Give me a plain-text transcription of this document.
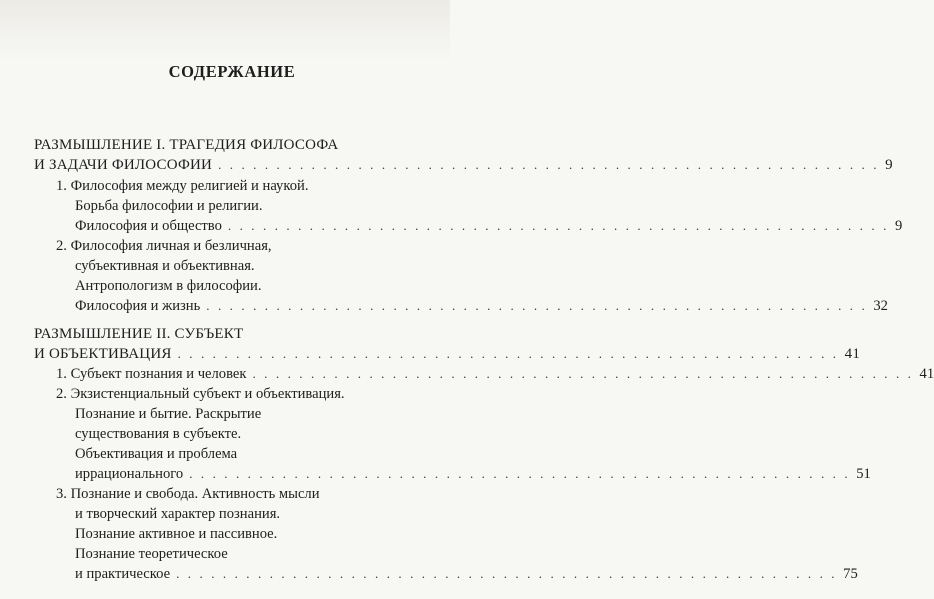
СОДЕРЖАНИЕ
РАЗМЫШЛЕНИЕ I. ТРАГЕДИЯ ФИЛОСОФА
И ЗАДАЧИ ФИЛОСОФИИ . . . . . . . . . . . . . . . . . . . . . . . . . . . . . . . . . . . . . . . . . . . . . . . . . . . . . . . . . 9
1. Философия между религией и наукой.
Борьба философии и религии.
Философия и общество . . . . . . . . . . . . . . . . . . . . . . . . . . . . . . . . . . . . . . . . . . . . . . . . . . . . . . . . . 9
2. Философия личная и безличная,
субъективная и объективная.
Антропологизм в философии.
Философия и жизнь . . . . . . . . . . . . . . . . . . . . . . . . . . . . . . . . . . . . . . . . . . . . . . . . . . . . . . . . . 32
РАЗМЫШЛЕНИЕ II. СУБЪЕКТ
И ОБЪЕКТИВАЦИЯ . . . . . . . . . . . . . . . . . . . . . . . . . . . . . . . . . . . . . . . . . . . . . . . . . . . . . . . . . 41
1. Субъект познания и человек . . . . . . . . . . . . . . . . . . . . . . . . . . . . . . . . . . . . . . . . . . . . . . . . . . . . . . . . . 41
2. Экзистенциальный субъект и объективация.
Познание и бытие. Раскрытие
существования в субъекте.
Объективация и проблема
иррационального . . . . . . . . . . . . . . . . . . . . . . . . . . . . . . . . . . . . . . . . . . . . . . . . . . . . . . . . . 51
3. Познание и свобода. Активность мысли
и творческий характер познания.
Познание активное и пассивное.
Познание теоретическое
и практическое . . . . . . . . . . . . . . . . . . . . . . . . . . . . . . . . . . . . . . . . . . . . . . . . . . . . . . . . . 75
